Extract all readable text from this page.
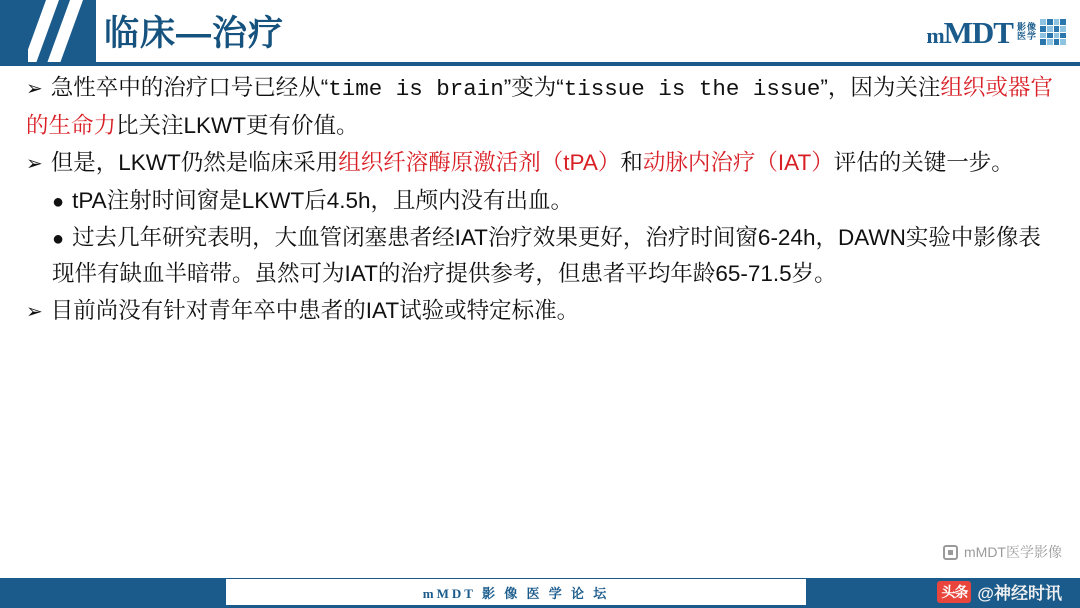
临床—治疗	mMDT 影像
医学
➢ 急性卒中的治疗口号已经从“time is brain”变为“tissue is the issue”，因为关注组织或器官的生命力比关注LKWT更有价值。
➢ 但是，LKWT仍然是临床采用组织纤溶酶原激活剂（tPA）和动脉内治疗（IAT）评估的关键一步。
● tPA注射时间窗是LKWT后4.5h，且颅内没有出血。
● 过去几年研究表明，大血管闭塞患者经IAT治疗效果更好，治疗时间窗6-24h，DAWN实验中影像表现伴有缺血半暗带。虽然可为IAT的治疗提供参考，但患者平均年龄65-71.5岁。
➢ 目前尚没有针对青年卒中患者的IAT试验或特定标准。
mMDT 影 像 医 学 论 坛
mMDT医学影像
头条 @神经时讯
